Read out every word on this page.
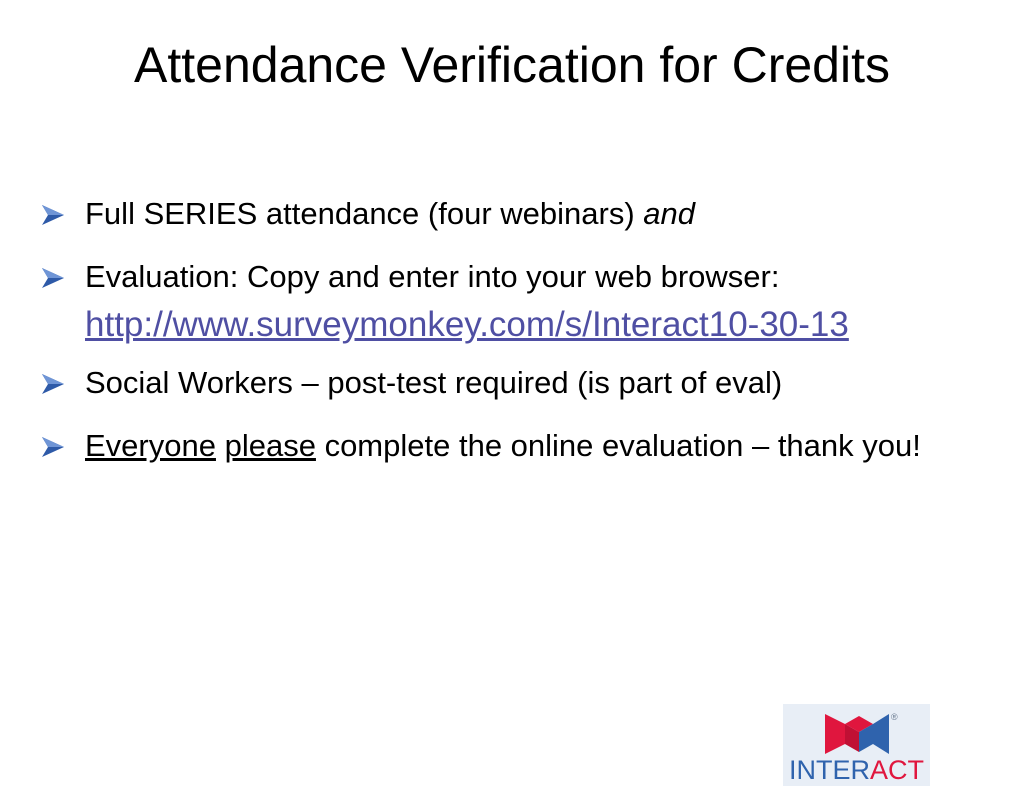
Attendance Verification for Credits
Full SERIES attendance (four webinars) and
Evaluation: Copy and enter into your web browser:
http://www.surveymonkey.com/s/Interact10-30-13
Social Workers – post-test required (is part of eval)
Everyone please complete the online evaluation – thank you!
®
INTERACT
